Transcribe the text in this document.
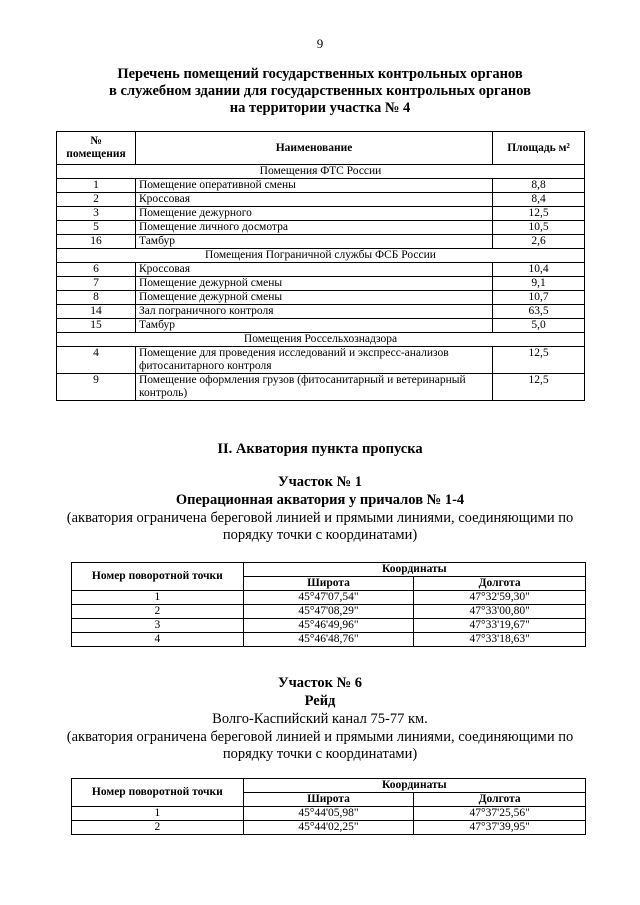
9
Перечень помещений государственных контрольных органов
в служебном здании для государственных контрольных органов
на территории участка № 4
№ помещения	Наименование	Площадь м²
Помещения ФТС России		
1	Помещение оперативной смены	8,8
2	Кроссовая	8,4
3	Помещение дежурного	12,5
5	Помещение личного досмотра	10,5
16	Тамбур	2,6
Помещения Пограничной службы ФСБ России		
6	Кроссовая	10,4
7	Помещение дежурной смены	9,1
8	Помещение дежурной смены	10,7
14	Зал пограничного контроля	63,5
15	Тамбур	5,0
Помещения Россельхознадзора		
4	Помещение для проведения исследований и экспресс-анализов фитосанитарного контроля	12,5
9	Помещение оформления грузов (фитосанитарный и ветеринарный контроль)	12,5
II. Акватория пункта пропуска
Участок № 1
Операционная акватория у причалов № 1-4
(акватория ограничена береговой линией и прямыми линиями, соединяющими по
порядку точки с координатами)
Номер поворотной точки	Координаты	
	Широта	Долгота
1	45°47'07,54"	47°32'59,30"
2	45°47'08,29"	47°33'00,80"
3	45°46'49,96"	47°33'19,67"
4	45°46'48,76"	47°33'18,63"
Участок № 6
Рейд
Волго-Каспийский канал 75-77 км.
(акватория ограничена береговой линией и прямыми линиями, соединяющими по
порядку точки с координатами)
Номер поворотной точки	Координаты	
	Широта	Долгота
1	45°44'05,98"	47°37'25,56"
2	45°44'02,25"	47°37'39,95"
